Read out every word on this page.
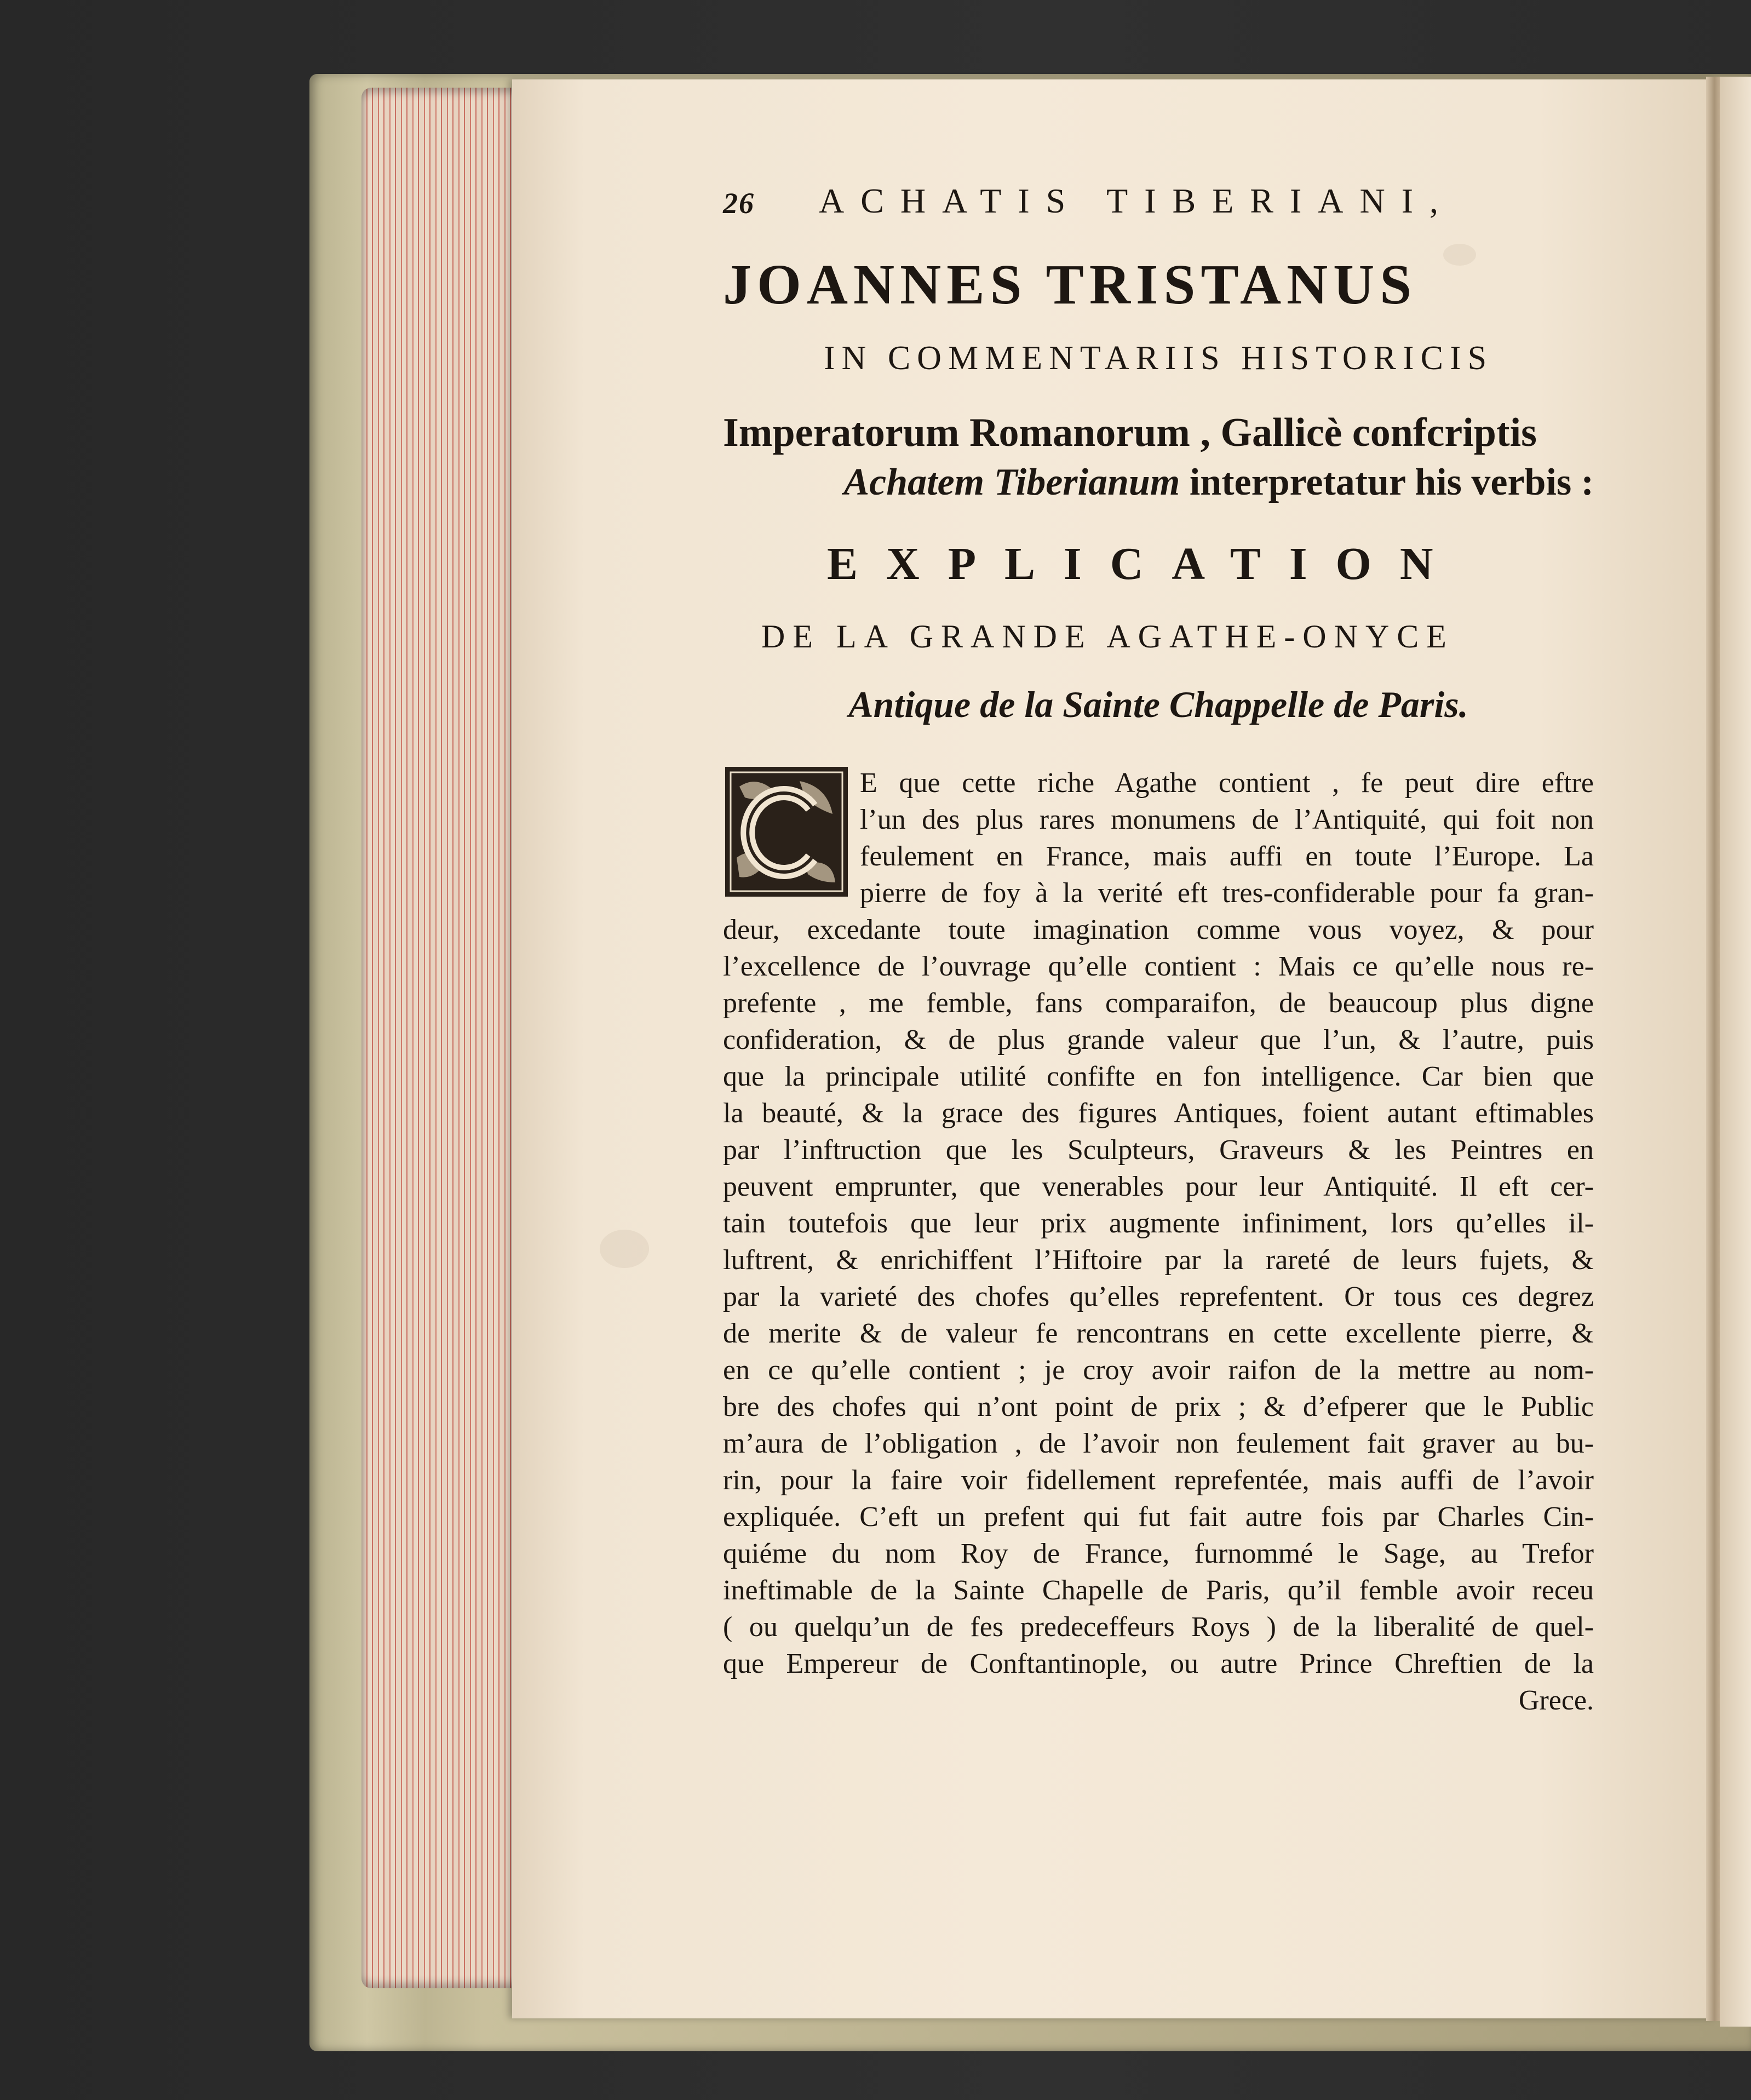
26 ACHATIS TIBERIANI,
JOANNES TRISTANUS
IN COMMENTARIIS HISTORICIS
Imperatorum Romanorum , Gallicè confcriptis
Achatem Tiberianum interpretatur his verbis :
EXPLICATION
DE LA GRANDE AGATHE-ONYCE
Antique de la Sainte Chappelle de Paris.
E que cette riche Agathe contient , fe peut dire eftre
l’un des plus rares monumens de l’Antiquité, qui foit non
feulement en France, mais auffi en toute l’Europe. La
pierre de foy à la verité eft tres-confiderable pour fa gran-
deur, excedante toute imagination comme vous voyez, & pour
l’excellence de l’ouvrage qu’elle contient : Mais ce qu’elle nous re-
prefente , me femble, fans comparaifon, de beaucoup plus digne
confideration, & de plus grande valeur que l’un, & l’autre, puis
que la principale utilité confifte en fon intelligence. Car bien que
la beauté, & la grace des figures Antiques, foient autant eftimables
par l’inftruction que les Sculpteurs, Graveurs & les Peintres en
peuvent emprunter, que venerables pour leur Antiquité. Il eft cer-
tain toutefois que leur prix augmente infiniment, lors qu’elles il-
luftrent, & enrichiffent l’Hiftoire par la rareté de leurs fujets, &
par la varieté des chofes qu’elles reprefentent. Or tous ces degrez
de merite & de valeur fe rencontrans en cette excellente pierre, &
en ce qu’elle contient ; je croy avoir raifon de la mettre au nom-
bre des chofes qui n’ont point de prix ; & d’efperer que le Public
m’aura de l’obligation , de l’avoir non feulement fait graver au bu-
rin, pour la faire voir fidellement reprefentée, mais auffi de l’avoir
expliquée. C’eft un prefent qui fut fait autre fois par Charles Cin-
quiéme du nom Roy de France, furnommé le Sage, au Trefor
ineftimable de la Sainte Chapelle de Paris, qu’il femble avoir receu
( ou quelqu’un de fes predeceffeurs Roys ) de la liberalité de quel-
que Empereur de Conftantinople, ou autre Prince Chreftien de la
Grece.
